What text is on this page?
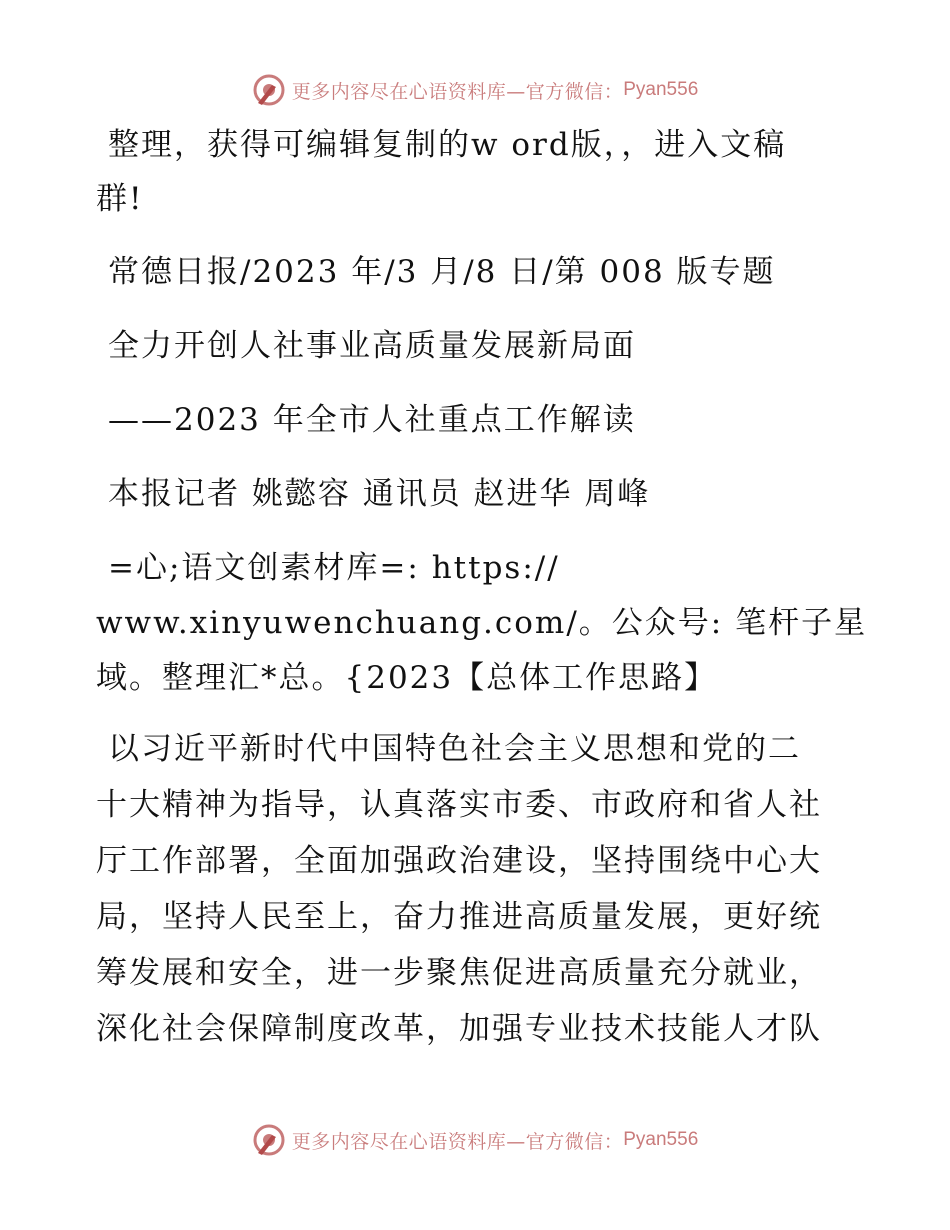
更多内容尽在心语资料库—官方微信： Pyan556
整理，获得可编辑复制的w ord版，，进入文稿
群!
常德日报/2023 年/3 月/8 日/第 008 版专题
全力开创人社事业高质量发展新局面
——2023 年全市人社重点工作解读
本报记者 姚懿容 通讯员 赵进华 周峰
=心;语文创素材库=: https://
www.xinyuwenchuang.com/。公众号: 笔杆子星
域。整理汇*总。{2023【总体工作思路】
以习近平新时代中国特色社会主义思想和党的二
十大精神为指导，认真落实市委、市政府和省人社
厅工作部署，全面加强政治建设，坚持围绕中心大
局，坚持人民至上，奋力推进高质量发展，更好统
筹发展和安全，进一步聚焦促进高质量充分就业，
深化社会保障制度改革，加强专业技术技能人才队
更多内容尽在心语资料库—官方微信： Pyan556
